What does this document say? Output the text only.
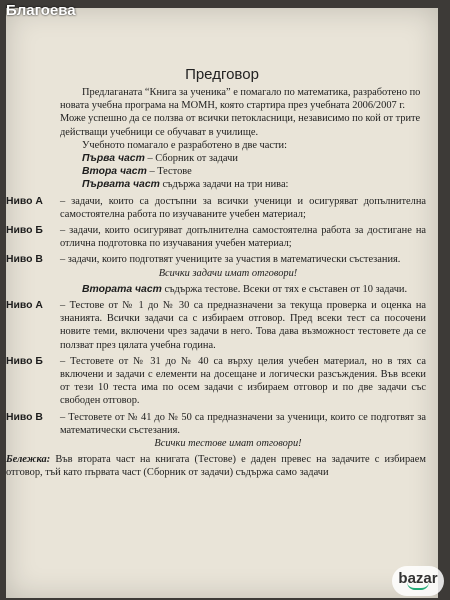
Благоева
Предговор

Предлаганата “Книга за ученика” е помагало по математика, разработено по новата учебна програма на МОМН, която стартира през учебната 2006/2007 г. Може успешно да се ползва от всички петокласници, независимо по кой от трите действащи учебници се обучават в училище.

Учебното помагало е разработено в две части:

Първа част – Сборник от задачи

Втора част – Тестове

Първата част съдържа задачи на три нива:

Ниво А	– задачи, които са достъпни за всички ученици и осигуряват допълнителна самостоятелна работа по изучаваните учебен материал;
Ниво Б	– задачи, които осигуряват допълнителна самостоятелна работа за достигане на отлична подготовка по изучавания учебен материал;
Ниво В	– задачи, които подготвят учениците за участия в математически състезания.

Всички задачи имат отговори!

Втората част съдържа тестове. Всеки от тях е съставен от 10 задачи.

Ниво А	– Тестове от № 1 до № 30 са предназначени за текуща проверка и оценка на знанията. Всички задачи са с избираем отговор. Пред всеки тест са посочени новите теми, включени чрез задачи в него. Това дава възможност тестовете да се ползват през цялата учебна година.
Ниво Б	– Тестовете от № 31 до № 40 са върху целия учебен материал, но в тях са включени и задачи с елементи на досещане и логически разсъждения. Във всеки от тези 10 теста има по осем задачи с избираем отговор и по две задачи със свободен отговор.
Ниво В	– Тестовете от № 41 до № 50 са предназначени за ученици, които се подготвят за математически състезания.

Всички тестове имат отговори!

Бележка: Във втората част на книгата (Тестове) е даден превес на задачите с избираем отговор, тъй като първата част (Сборник от задачи) съдържа само задачи

bazar
